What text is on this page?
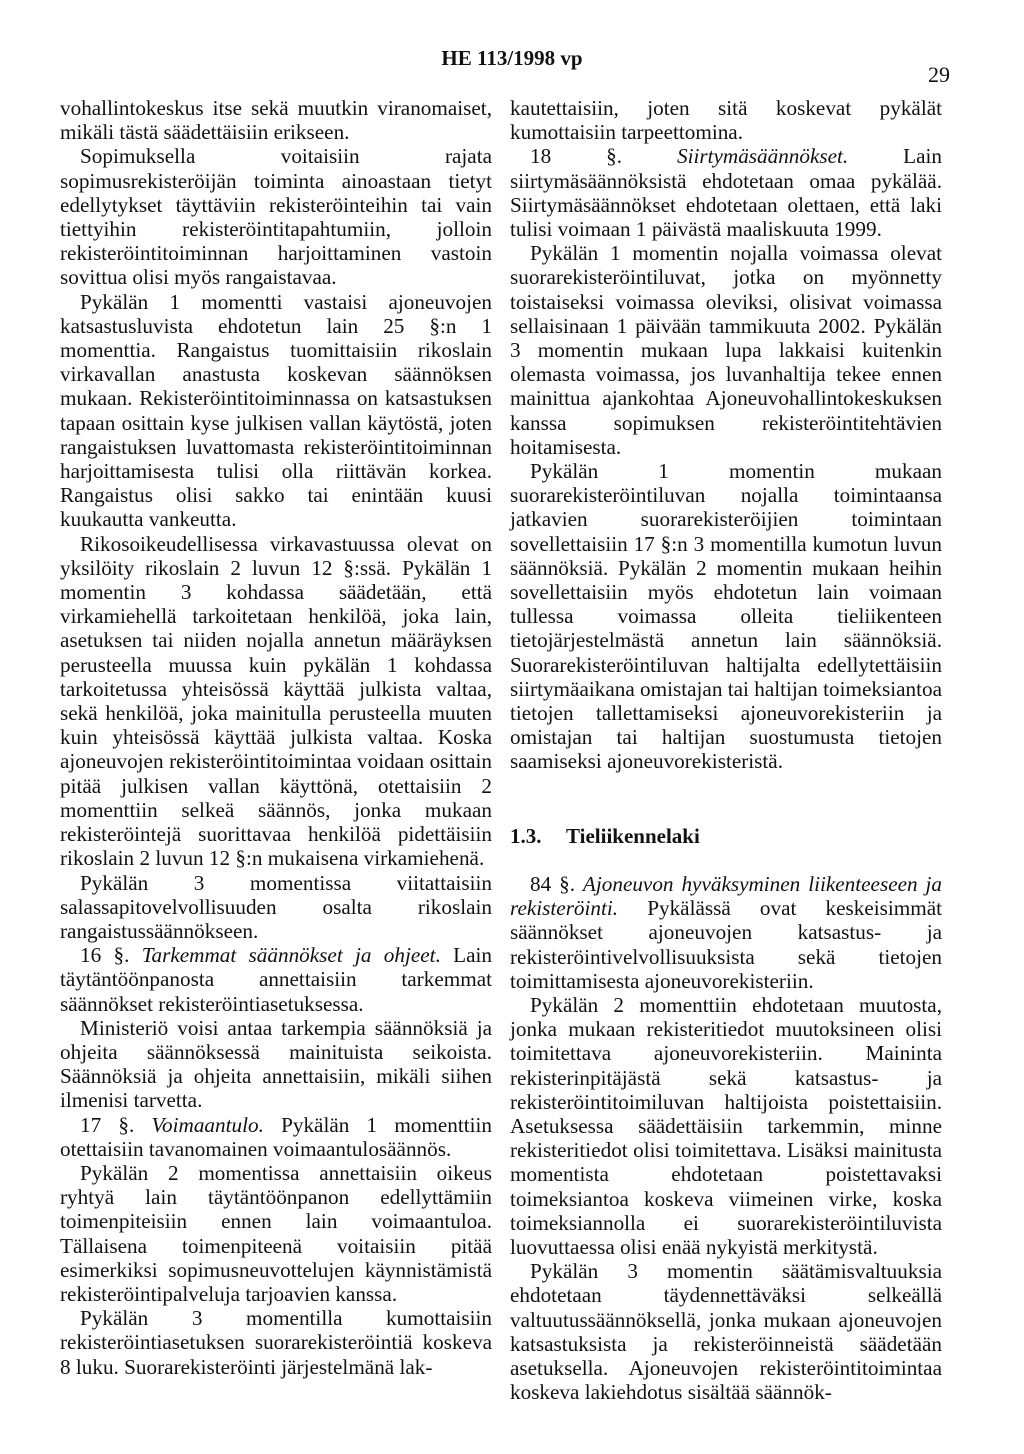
HE 113/1998 vp
29

vohallintokeskus itse sekä muutkin viranomaiset, mikäli tästä säädettäisiin erikseen.

Sopimuksella voitaisiin rajata sopimusrekisteröijän toiminta ainoastaan tietyt edellytykset täyttäviin rekisteröinteihin tai vain tiettyihin rekisteröintitapahtumiin, jolloin rekisteröintitoiminnan harjoittaminen vastoin sovittua olisi myös rangaistavaa.

Pykälän 1 momentti vastaisi ajoneuvojen katsastusluvista ehdotetun lain 25 §:n 1 momenttia. Rangaistus tuomittaisiin rikoslain virkavallan anastusta koskevan säännöksen mukaan. Rekisteröintitoiminnassa on katsastuksen tapaan osittain kyse julkisen vallan käytöstä, joten rangaistuksen luvattomasta rekisteröintitoiminnan harjoittamisesta tulisi olla riittävän korkea. Rangaistus olisi sakko tai enintään kuusi kuukautta vankeutta.

Rikosoikeudellisessa virkavastuussa olevat on yksilöity rikoslain 2 luvun 12 §:ssä. Pykälän 1 momentin 3 kohdassa säädetään, että virkamiehellä tarkoitetaan henkilöä, joka lain, asetuksen tai niiden nojalla annetun määräyksen perusteella muussa kuin pykälän 1 kohdassa tarkoitetussa yhteisössä käyttää julkista valtaa, sekä henkilöä, joka mainitulla perusteella muuten kuin yhteisössä käyttää julkista valtaa. Koska ajoneuvojen rekisteröintitoimintaa voidaan osittain pitää julkisen vallan käyttönä, otettaisiin 2 momenttiin selkeä säännös, jonka mukaan rekisteröintejä suorittavaa henkilöä pidettäisiin rikoslain 2 luvun 12 §:n mukaisena virkamiehenä.

Pykälän 3 momentissa viitattaisiin salassapitovelvollisuuden osalta rikoslain rangaistussäännökseen.

16 §. Tarkemmat säännökset ja ohjeet. Lain täytäntöönpanosta annettaisiin tarkemmat säännökset rekisteröintiasetuksessa.

Ministeriö voisi antaa tarkempia säännöksiä ja ohjeita säännöksessä mainituista seikoista. Säännöksiä ja ohjeita annettaisiin, mikäli siihen ilmenisi tarvetta.

17 §. Voimaantulo. Pykälän 1 momenttiin otettaisiin tavanomainen voimaantulosäännös.

Pykälän 2 momentissa annettaisiin oikeus ryhtyä lain täytäntöönpanon edellyttämiin toimenpiteisiin ennen lain voimaantuloa. Tällaisena toimenpiteenä voitaisiin pitää esimerkiksi sopimusneuvottelujen käynnistämistä rekisteröintipalveluja tarjoavien kanssa.

Pykälän 3 momentilla kumottaisiin rekisteröintiasetuksen suorarekisteröintiä koskeva 8 luku. Suorarekisteröinti järjestelmänä lak-

kautettaisiin, joten sitä koskevat pykälät kumottaisiin tarpeettomina.

18 §. Siirtymäsäännökset. Lain siirtymäsäännöksistä ehdotetaan omaa pykälää. Siirtymäsäännökset ehdotetaan olettaen, että laki tulisi voimaan 1 päivästä maaliskuuta 1999.

Pykälän 1 momentin nojalla voimassa olevat suorarekisteröintiluvat, jotka on myönnetty toistaiseksi voimassa oleviksi, olisivat voimassa sellaisinaan 1 päivään tammikuuta 2002. Pykälän 3 momentin mukaan lupa lakkaisi kuitenkin olemasta voimassa, jos luvanhaltija tekee ennen mainittua ajankohtaa Ajoneuvohallintokeskuksen kanssa sopimuksen rekisteröintitehtävien hoitamisesta.

Pykälän 1 momentin mukaan suorarekisteröintiluvan nojalla toimintaansa jatkavien suorarekisteröijien toimintaan sovellettaisiin 17 §:n 3 momentilla kumotun luvun säännöksiä. Pykälän 2 momentin mukaan heihin sovellettaisiin myös ehdotetun lain voimaan tullessa voimassa olleita tieliikenteen tietojärjestelmästä annetun lain säännöksiä. Suorarekisteröintiluvan haltijalta edellytettäisiin siirtymäaikana omistajan tai haltijan toimeksiantoa tietojen tallettamiseksi ajoneuvorekisteriin ja omistajan tai haltijan suostumusta tietojen saamiseksi ajoneuvorekisteristä.

1.3. Tieliikennelaki

84 §. Ajoneuvon hyväksyminen liikenteeseen ja rekisteröinti. Pykälässä ovat keskeisimmät säännökset ajoneuvojen katsastus- ja rekisteröintivelvollisuuksista sekä tietojen toimittamisesta ajoneuvorekisteriin.

Pykälän 2 momenttiin ehdotetaan muutosta, jonka mukaan rekisteritiedot muutoksineen olisi toimitettava ajoneuvorekisteriin. Maininta rekisterinpitäjästä sekä katsastus- ja rekisteröintitoimiluvan haltijoista poistettaisiin. Asetuksessa säädettäisiin tarkemmin, minne rekisteritiedot olisi toimitettava. Lisäksi mainitusta momentista ehdotetaan poistettavaksi toimeksiantoa koskeva viimeinen virke, koska toimeksiannolla ei suorarekisteröintiluvista luovuttaessa olisi enää nykyistä merkitystä.

Pykälän 3 momentin säätämisvaltuuksia ehdotetaan täydennettäväksi selkeällä valtuutussäännöksellä, jonka mukaan ajoneuvojen katsastuksista ja rekisteröinneistä säädetään asetuksella. Ajoneuvojen rekisteröintitoimintaa koskeva lakiehdotus sisältää säännök-
